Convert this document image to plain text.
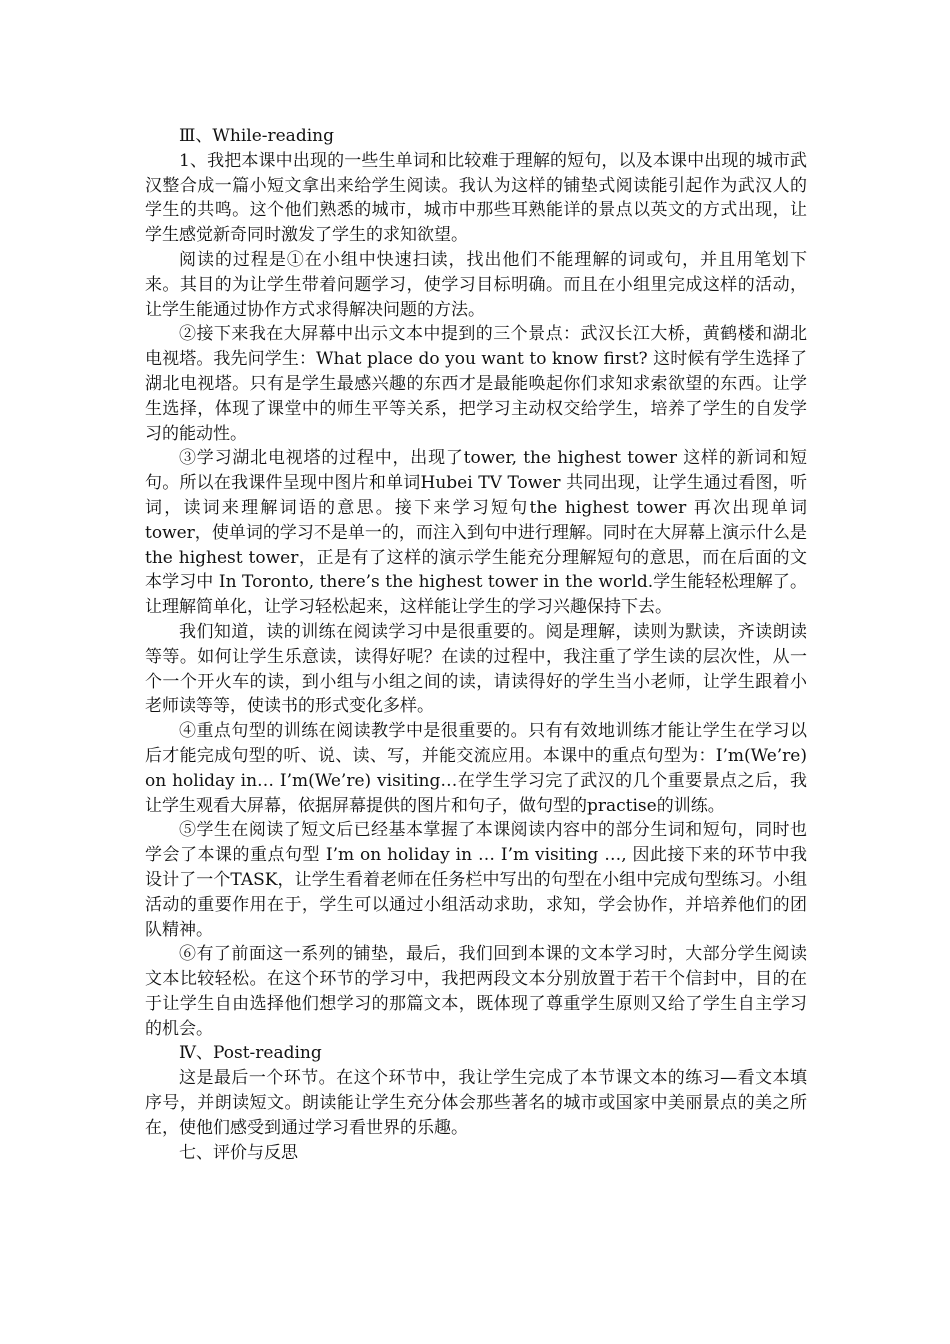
Ⅲ、While-reading

1、我把本课中出现的一些生单词和比较难于理解的短句，以及本课中出现的城市武汉整合成一篇小短文拿出来给学生阅读。我认为这样的铺垫式阅读能引起作为武汉人的学生的共鸣。这个他们熟悉的城市，城市中那些耳熟能详的景点以英文的方式出现，让学生感觉新奇同时激发了学生的求知欲望。

阅读的过程是①在小组中快速扫读，找出他们不能理解的词或句，并且用笔划下来。其目的为让学生带着问题学习，使学习目标明确。而且在小组里完成这样的活动，让学生能通过协作方式求得解决问题的方法。

②接下来我在大屏幕中出示文本中提到的三个景点：武汉长江大桥，黄鹤楼和湖北电视塔。我先问学生：What place do you want to know first? 这时候有学生选择了湖北电视塔。只有是学生最感兴趣的东西才是最能唤起你们求知求索欲望的东西。让学生选择，体现了课堂中的师生平等关系，把学习主动权交给学生，培养了学生的自发学习的能动性。

③学习湖北电视塔的过程中，出现了tower, the highest tower 这样的新词和短句。所以在我课件呈现中图片和单词Hubei TV Tower 共同出现，让学生通过看图，听词，读词来理解词语的意思。接下来学习短句the highest tower 再次出现单词tower，使单词的学习不是单一的，而注入到句中进行理解。同时在大屏幕上演示什么是the highest tower，正是有了这样的演示学生能充分理解短句的意思，而在后面的文本学习中 In Toronto, there’s the highest tower in the world.学生能轻松理解了。让理解简单化，让学习轻松起来，这样能让学生的学习兴趣保持下去。

我们知道，读的训练在阅读学习中是很重要的。阅是理解，读则为默读，齐读朗读等等。如何让学生乐意读，读得好呢？在读的过程中，我注重了学生读的层次性，从一个一个开火车的读，到小组与小组之间的读，请读得好的学生当小老师，让学生跟着小老师读等等，使读书的形式变化多样。

④重点句型的训练在阅读教学中是很重要的。只有有效地训练才能让学生在学习以后才能完成句型的听、说、读、写，并能交流应用。本课中的重点句型为：I’m(We’re) on holiday in… I’m(We’re) visiting…在学生学习完了武汉的几个重要景点之后，我让学生观看大屏幕，依据屏幕提供的图片和句子，做句型的practise的训练。

⑤学生在阅读了短文后已经基本掌握了本课阅读内容中的部分生词和短句，同时也学会了本课的重点句型 I’m on holiday in … I’m visiting …, 因此接下来的环节中我设计了一个TASK，让学生看着老师在任务栏中写出的句型在小组中完成句型练习。小组活动的重要作用在于，学生可以通过小组活动求助，求知，学会协作，并培养他们的团队精神。

⑥有了前面这一系列的铺垫，最后，我们回到本课的文本学习时，大部分学生阅读文本比较轻松。在这个环节的学习中，我把两段文本分别放置于若干个信封中，目的在于让学生自由选择他们想学习的那篇文本，既体现了尊重学生原则又给了学生自主学习的机会。

Ⅳ、Post-reading

这是最后一个环节。在这个环节中，我让学生完成了本节课文本的练习—看文本填序号，并朗读短文。朗读能让学生充分体会那些著名的城市或国家中美丽景点的美之所在，使他们感受到通过学习看世界的乐趣。

七、评价与反思
